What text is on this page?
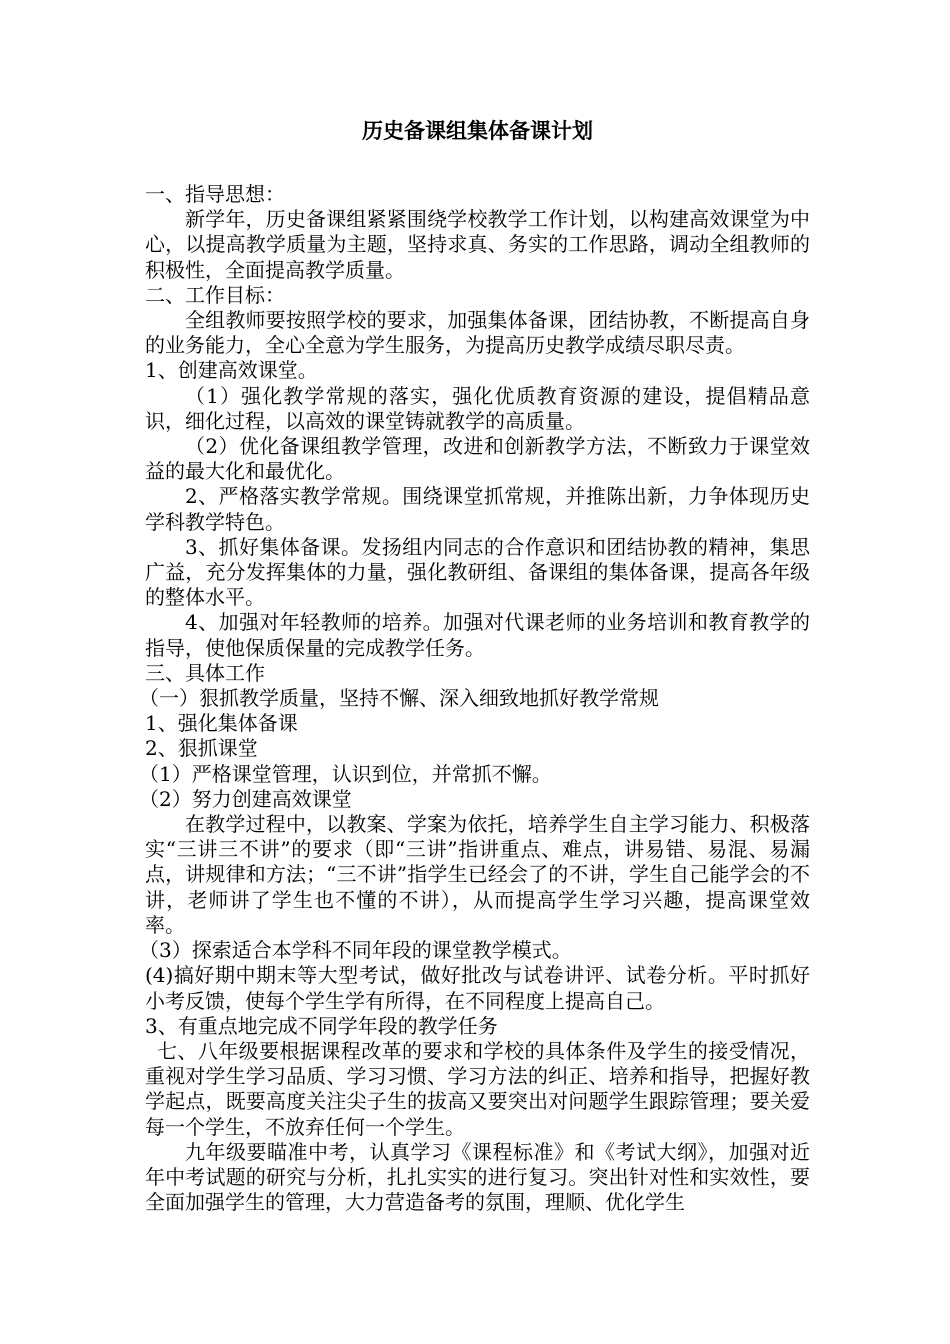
历史备课组集体备课计划

一、指导思想：

新学年，历史备课组紧紧围绕学校教学工作计划，以构建高效课堂为中心，以提高教学质量为主题，坚持求真、务实的工作思路，调动全组教师的积极性，全面提高教学质量。

二、工作目标：

全组教师要按照学校的要求，加强集体备课，团结协教，不断提高自身的业务能力，全心全意为学生服务，为提高历史教学成绩尽职尽责。

1、创建高效课堂。

（1）强化教学常规的落实，强化优质教育资源的建设，提倡精品意识，细化过程，以高效的课堂铸就教学的高质量。

（2）优化备课组教学管理，改进和创新教学方法，不断致力于课堂效益的最大化和最优化。

2、严格落实教学常规。围绕课堂抓常规，并推陈出新，力争体现历史学科教学特色。

3、抓好集体备课。发扬组内同志的合作意识和团结协教的精神，集思广益，充分发挥集体的力量，强化教研组、备课组的集体备课，提高各年级的整体水平。

4、加强对年轻教师的培养。加强对代课老师的业务培训和教育教学的指导，使他保质保量的完成教学任务。

三、具体工作

（一）狠抓教学质量，坚持不懈、深入细致地抓好教学常规

1、强化集体备课

2、狠抓课堂

（1）严格课堂管理，认识到位，并常抓不懈。

（2）努力创建高效课堂

在教学过程中，以教案、学案为依托，培养学生自主学习能力、积极落实“三讲三不讲”的要求（即“三讲”指讲重点、难点，讲易错、易混、易漏点，讲规律和方法；“三不讲”指学生已经会了的不讲，学生自己能学会的不讲，老师讲了学生也不懂的不讲），从而提高学生学习兴趣，提高课堂效率。

（3）探索适合本学科不同年段的课堂教学模式。

(4)搞好期中期末等大型考试，做好批改与试卷讲评、试卷分析。平时抓好小考反馈，使每个学生学有所得，在不同程度上提高自己。

3、有重点地完成不同学年段的教学任务

七、八年级要根据课程改革的要求和学校的具体条件及学生的接受情况，重视对学生学习品质、学习习惯、学习方法的纠正、培养和指导，把握好教学起点，既要高度关注尖子生的拔高又要突出对问题学生跟踪管理；要关爱每一个学生，不放弃任何一个学生。

九年级要瞄准中考，认真学习《课程标准》和《考试大纲》，加强对近年中考试题的研究与分析，扎扎实实的进行复习。突出针对性和实效性，要全面加强学生的管理，大力营造备考的氛围，理顺、优化学生
